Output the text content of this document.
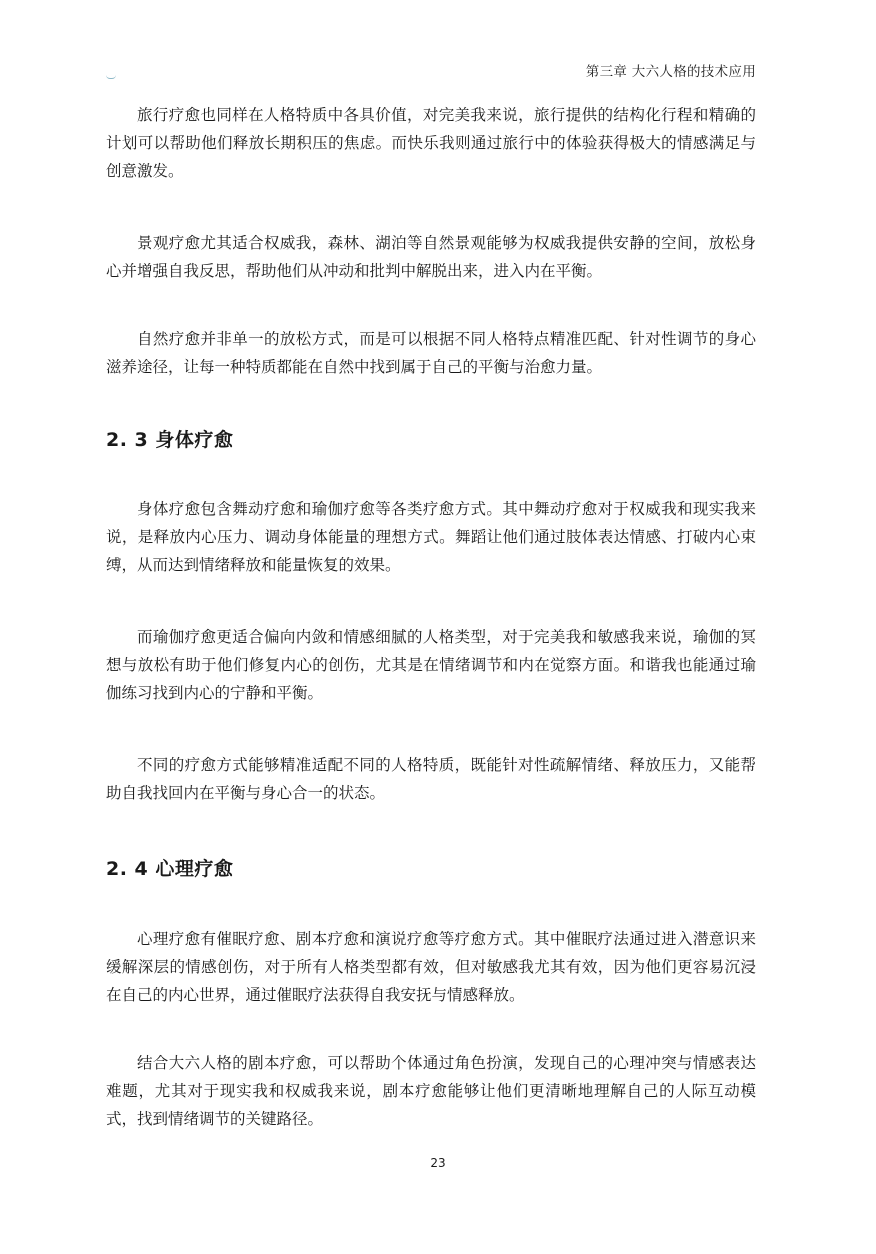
第三章 大六人格的技术应用

旅行疗愈也同样在人格特质中各具价值，对完美我来说，旅行提供的结构化行程和精确的计划可以帮助他们释放长期积压的焦虑。而快乐我则通过旅行中的体验获得极大的情感满足与创意激发。

景观疗愈尤其适合权威我，森林、湖泊等自然景观能够为权威我提供安静的空间，放松身心并增强自我反思，帮助他们从冲动和批判中解脱出来，进入内在平衡。

自然疗愈并非单一的放松方式，而是可以根据不同人格特点精准匹配、针对性调节的身心滋养途径，让每一种特质都能在自然中找到属于自己的平衡与治愈力量。

2. 3 身体疗愈

身体疗愈包含舞动疗愈和瑜伽疗愈等各类疗愈方式。其中舞动疗愈对于权威我和现实我来说，是释放内心压力、调动身体能量的理想方式。舞蹈让他们通过肢体表达情感、打破内心束缚，从而达到情绪释放和能量恢复的效果。

而瑜伽疗愈更适合偏向内敛和情感细腻的人格类型，对于完美我和敏感我来说，瑜伽的冥想与放松有助于他们修复内心的创伤，尤其是在情绪调节和内在觉察方面。和谐我也能通过瑜伽练习找到内心的宁静和平衡。

不同的疗愈方式能够精准适配不同的人格特质，既能针对性疏解情绪、释放压力，又能帮助自我找回内在平衡与身心合一的状态。

2. 4 心理疗愈

心理疗愈有催眠疗愈、剧本疗愈和演说疗愈等疗愈方式。其中催眠疗法通过进入潜意识来缓解深层的情感创伤，对于所有人格类型都有效，但对敏感我尤其有效，因为他们更容易沉浸在自己的内心世界，通过催眠疗法获得自我安抚与情感释放。

结合大六人格的剧本疗愈，可以帮助个体通过角色扮演，发现自己的心理冲突与情感表达难题，尤其对于现实我和权威我来说，剧本疗愈能够让他们更清晰地理解自己的人际互动模式，找到情绪调节的关键路径。

23
